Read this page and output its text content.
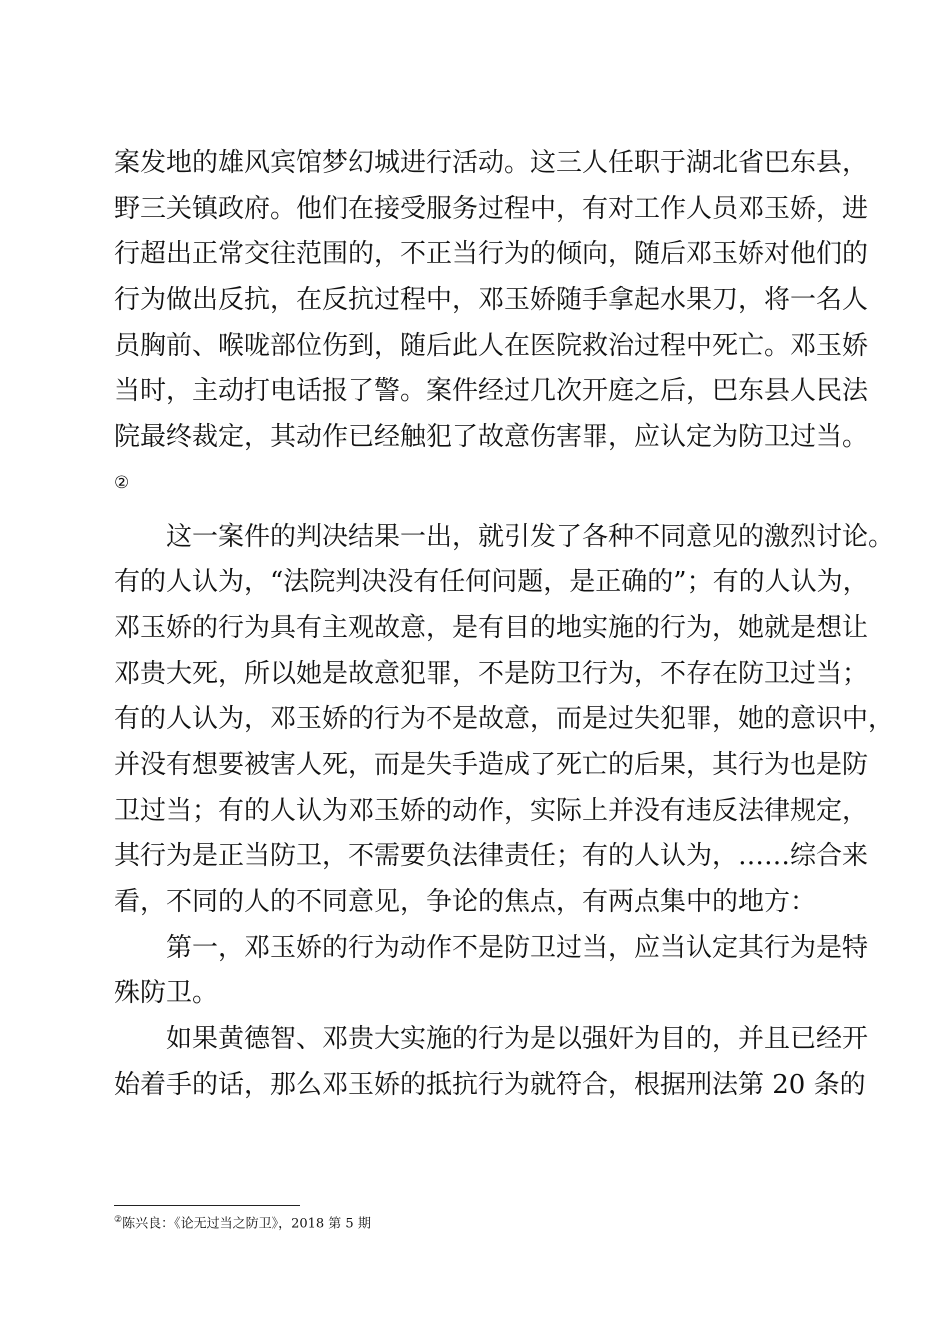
案发地的雄风宾馆梦幻城进行活动。这三人任职于湖北省巴东县，
野三关镇政府。他们在接受服务过程中，有对工作人员邓玉娇，进
行超出正常交往范围的，不正当行为的倾向，随后邓玉娇对他们的
行为做出反抗，在反抗过程中，邓玉娇随手拿起水果刀，将一名人
员胸前、喉咙部位伤到，随后此人在医院救治过程中死亡。邓玉娇
当时，主动打电话报了警。案件经过几次开庭之后，巴东县人民法
院最终裁定，其动作已经触犯了故意伤害罪，应认定为防卫过当。
②
这一案件的判决结果一出，就引发了各种不同意见的激烈讨论。
有的人认为，“法院判决没有任何问题，是正确的”；有的人认为，
邓玉娇的行为具有主观故意，是有目的地实施的行为，她就是想让
邓贵大死，所以她是故意犯罪，不是防卫行为，不存在防卫过当；
有的人认为，邓玉娇的行为不是故意，而是过失犯罪，她的意识中，
并没有想要被害人死，而是失手造成了死亡的后果，其行为也是防
卫过当；有的人认为邓玉娇的动作，实际上并没有违反法律规定，
其行为是正当防卫，不需要负法律责任；有的人认为，……综合来
看，不同的人的不同意见，争论的焦点，有两点集中的地方：
第一，邓玉娇的行为动作不是防卫过当，应当认定其行为是特
殊防卫。
如果黄德智、邓贵大实施的行为是以强奸为目的，并且已经开
始着手的话，那么邓玉娇的抵抗行为就符合，根据刑法第 20 条的
②陈兴良：《论无过当之防卫》，2018 第 5 期
